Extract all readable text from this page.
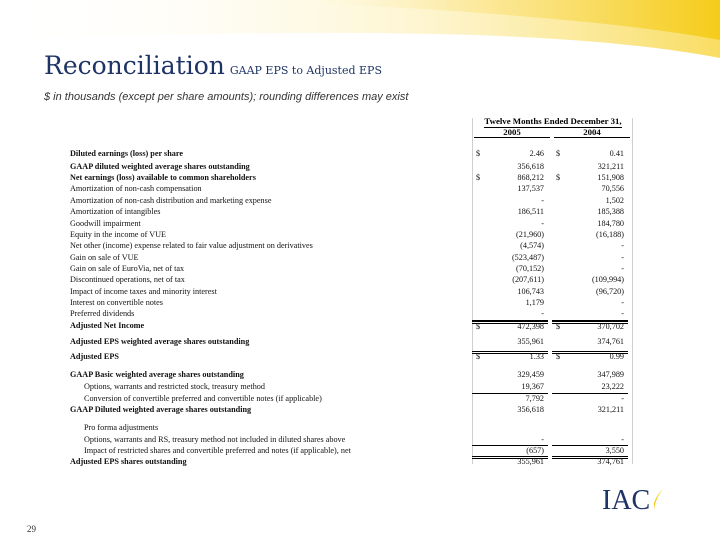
Reconciliation GAAP EPS to Adjusted EPS
$ in thousands (except per share amounts); rounding differences may exist
Twelve Months Ended December 31,
2005	2004
Diluted earnings (loss) per share	$	2.46 $	0.41
GAAP diluted weighted average shares outstanding	356,618	321,211
Net earnings (loss) available to common shareholders	$	868,212 $	151,908
Amortization of non-cash compensation	137,537	70,556
Amortization of non-cash distribution and marketing expense	-	1,502
Amortization of intangibles	186,511	185,388
Goodwill impairment	-	184,780
Equity in the income of VUE	(21,960)	(16,188)
Net other (income) expense related to fair value adjustment on derivatives	(4,574)	-
Gain on sale of VUE	(523,487)	-
Gain on sale of EuroVia, net of tax	(70,152)	-
Discontinued operations, net of tax	(207,611)	(109,994)
Impact of income taxes and minority interest	106,743	(96,720)
Interest on convertible notes	1,179	-
Preferred dividends	-	-
Adjusted Net Income	$	472,398 $	370,702
Adjusted EPS weighted average shares outstanding	355,961	374,761
Adjusted EPS	$	1.33 $	0.99
GAAP Basic weighted average shares outstanding	329,459	347,989
Options, warrants and restricted stock, treasury method	19,367	23,222
Conversion of convertible preferred and convertible notes (if applicable)	7,792	-
GAAP Diluted weighted average shares outstanding	356,618	321,211
Pro forma adjustments
Options, warrants and RS, treasury method not included in diluted shares above	-	-
Impact of restricted shares and convertible preferred and notes (if applicable), net	(657)	3,550
Adjusted EPS shares outstanding	355,961	374,761
29
IAC
